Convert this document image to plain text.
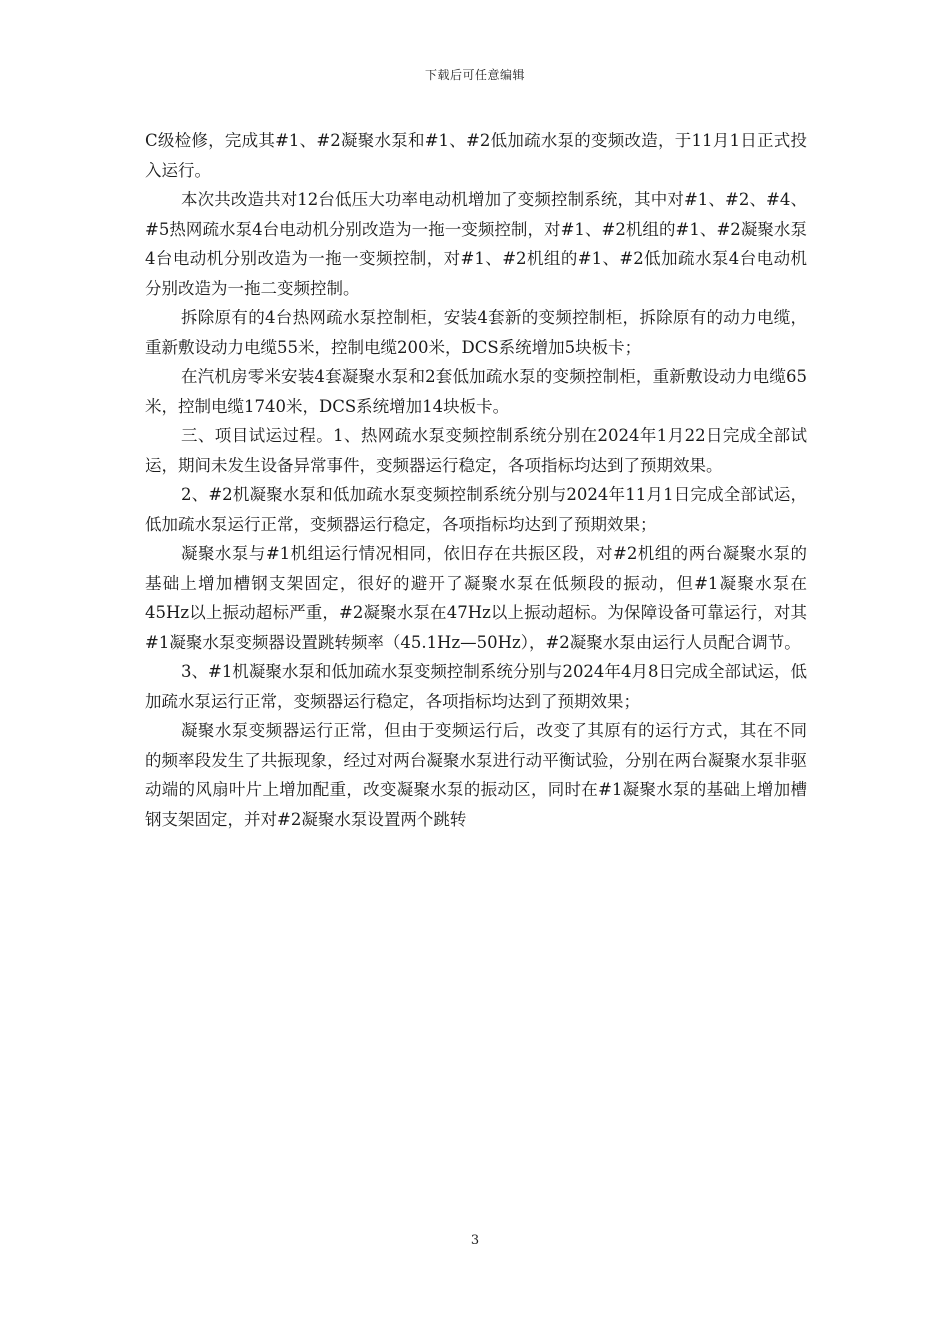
下载后可任意编辑

C级检修，完成其#1、#2凝聚水泵和#1、#2低加疏水泵的变频改造，于11月1日正式投入运行。

本次共改造共对12台低压大功率电动机增加了变频控制系统，其中对#1、#2、#4、#5热网疏水泵4台电动机分别改造为一拖一变频控制，对#1、#2机组的#1、#2凝聚水泵4台电动机分别改造为一拖一变频控制，对#1、#2机组的#1、#2低加疏水泵4台电动机分别改造为一拖二变频控制。

拆除原有的4台热网疏水泵控制柜，安装4套新的变频控制柜，拆除原有的动力电缆，重新敷设动力电缆55米，控制电缆200米，DCS系统增加5块板卡；

在汽机房零米安装4套凝聚水泵和2套低加疏水泵的变频控制柜，重新敷设动力电缆65米，控制电缆1740米，DCS系统增加14块板卡。

三、项目试运过程。1、热网疏水泵变频控制系统分别在2024年1月22日完成全部试运，期间未发生设备异常事件，变频器运行稳定，各项指标均达到了预期效果。

2、#2机凝聚水泵和低加疏水泵变频控制系统分别与2024年11月1日完成全部试运，低加疏水泵运行正常，变频器运行稳定，各项指标均达到了预期效果；

凝聚水泵与#1机组运行情况相同，依旧存在共振区段，对#2机组的两台凝聚水泵的基础上增加槽钢支架固定，很好的避开了凝聚水泵在低频段的振动，但#1凝聚水泵在45Hz以上振动超标严重，#2凝聚水泵在47Hz以上振动超标。为保障设备可靠运行，对其#1凝聚水泵变频器设置跳转频率（45.1Hz—50Hz），#2凝聚水泵由运行人员配合调节。

3、#1机凝聚水泵和低加疏水泵变频控制系统分别与2024年4月8日完成全部试运，低加疏水泵运行正常，变频器运行稳定，各项指标均达到了预期效果；

凝聚水泵变频器运行正常，但由于变频运行后，改变了其原有的运行方式，其在不同的频率段发生了共振现象，经过对两台凝聚水泵进行动平衡试验，分别在两台凝聚水泵非驱动端的风扇叶片上增加配重，改变凝聚水泵的振动区，同时在#1凝聚水泵的基础上增加槽钢支架固定，并对#2凝聚水泵设置两个跳转

3
